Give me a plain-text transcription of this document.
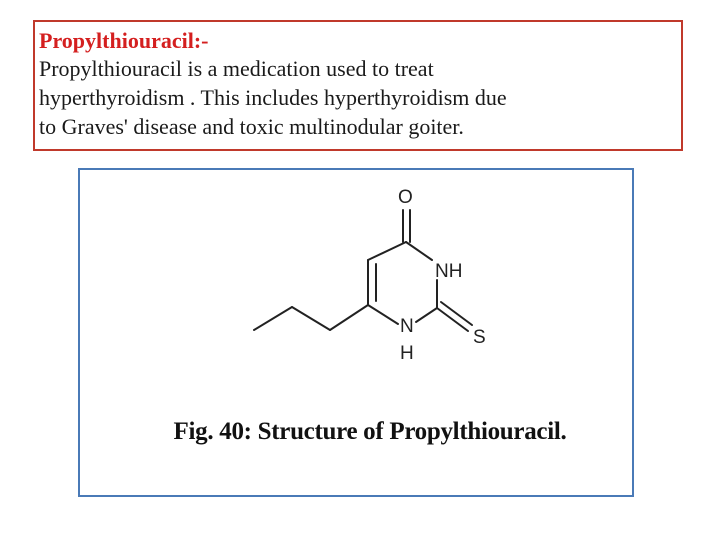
Propylthiouracil:-

Propylthiouracil is a medication used to treat
hyperthyroidism . This includes hyperthyroidism due
to Graves' disease and toxic multinodular goiter.

O
NH
N
H
S
Fig. 40: Structure of Propylthiouracil.
